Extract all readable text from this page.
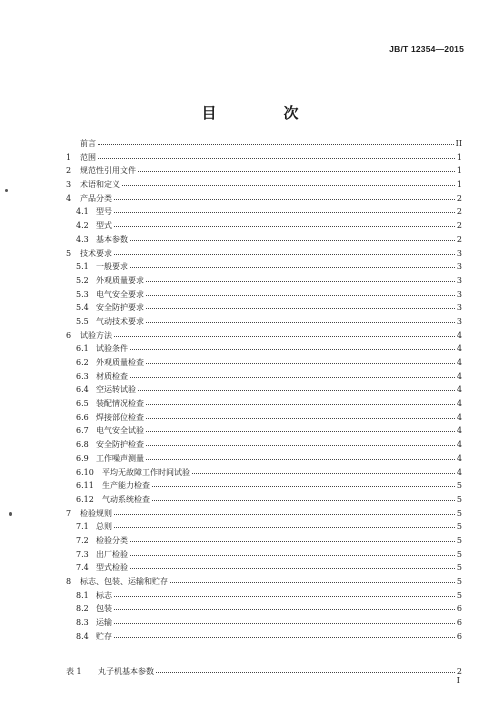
JB/T 12354—2015
目　次
前言	II
1	范围	1
2	规范性引用文件	1
3	术语和定义	1
4	产品分类	2
4.1 型号	2
4.2 型式	2
4.3 基本参数	2
5	技术要求	3
5.1 一般要求	3
5.2 外观质量要求	3
5.3 电气安全要求	3
5.4 安全防护要求	3
5.5 气动技术要求	3
6	试验方法	4
6.1 试验条件	4
6.2 外观质量检查	4
6.3 材质检查	4
6.4 空运转试验	4
6.5 装配情况检查	4
6.6 焊接部位检查	4
6.7 电气安全试验	4
6.8 安全防护检查	4
6.9 工作噪声测量	4
6.10	平均无故障工作时间试验	4
6.11	生产能力检查	5
6.12	气动系统检查	5
7	检验规则	5
7.1 总则	5
7.2 检验分类	5
7.3 出厂检验	5
7.4 型式检验	5
8	标志、包装、运输和贮存	5
8.1 标志	5
8.2 包装	6
8.3 运输	6
8.4 贮存	6
表 1	丸子机基本参数	2
I
